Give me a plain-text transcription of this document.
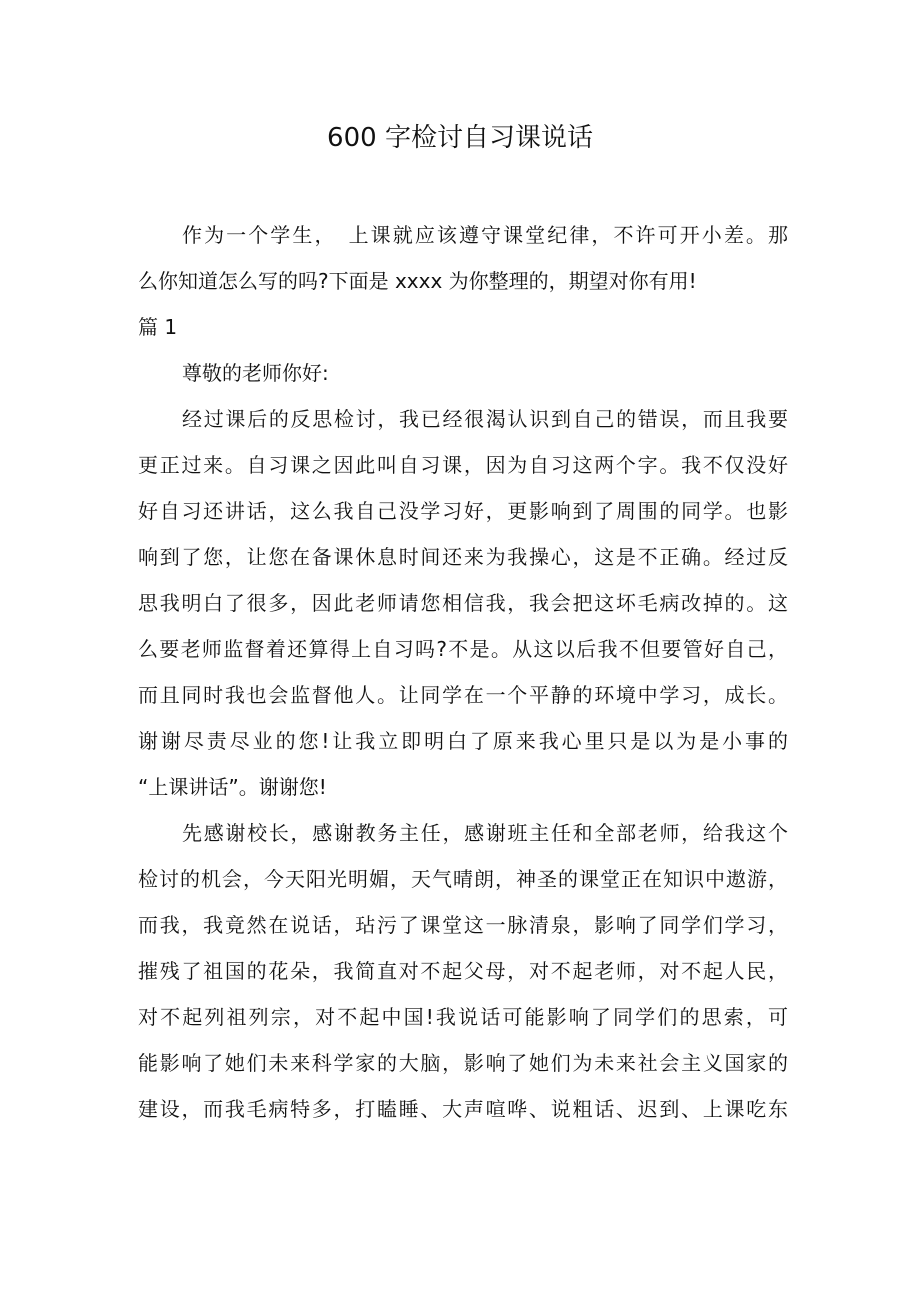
600 字检讨自习课说话
作为一个学生，　上课就应该遵守课堂纪律，不许可开小差。那
么你知道怎么写的吗?下面是 xxxx 为你整理的，期望对你有用!
篇 1
尊敬的老师你好:
经过课后的反思检讨，我已经很渴认识到自己的错误，而且我要
更正过来。自习课之因此叫自习课，因为自习这两个字。我不仅没好
好自习还讲话，这么我自己没学习好，更影响到了周围的同学。也影
响到了您，让您在备课休息时间还来为我操心，这是不正确。经过反
思我明白了很多，因此老师请您相信我，我会把这坏毛病改掉的。这
么要老师监督着还算得上自习吗?不是。从这以后我不但要管好自己，
而且同时我也会监督他人。让同学在一个平静的环境中学习，成长。
谢谢尽责尽业的您!让我立即明白了原来我心里只是以为是小事的
“上课讲话”。谢谢您!
先感谢校长，感谢教务主任，感谢班主任和全部老师，给我这个
检讨的机会，今天阳光明媚，天气晴朗，神圣的课堂正在知识中遨游，
而我，我竟然在说话，玷污了课堂这一脉清泉，影响了同学们学习，
摧残了祖国的花朵，我简直对不起父母，对不起老师，对不起人民，
对不起列祖列宗，对不起中国!我说话可能影响了同学们的思索，可
能影响了她们未来科学家的大脑，影响了她们为未来社会主义国家的
建设，而我毛病特多，打瞌睡、大声喧哗、说粗话、迟到、上课吃东
